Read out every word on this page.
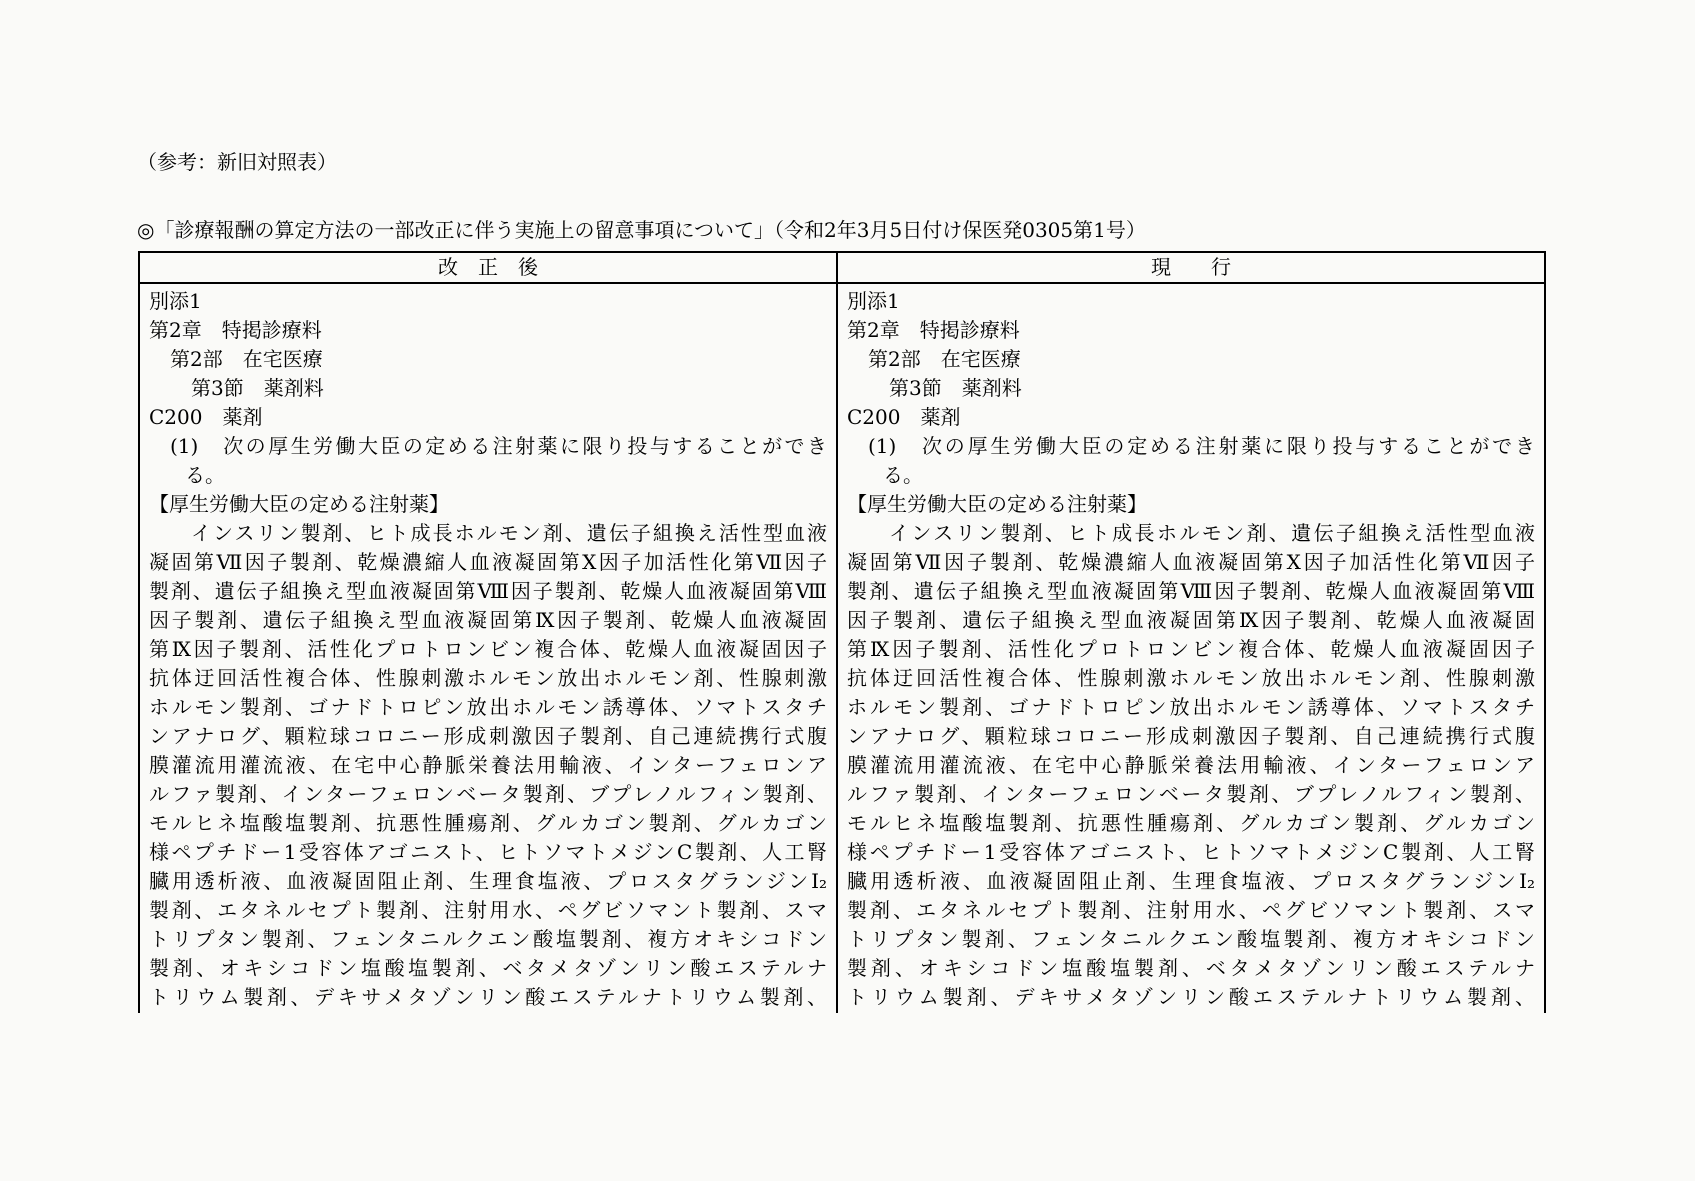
（参考：新旧対照表）
◎「診療報酬の算定方法の一部改正に伴う実施上の留意事項について」（令和2年3月5日付け保医発0305第1号）
改　正　後	現　　行
別添1
第2章　特掲診療料
第2部　在宅医療
第3節　薬剤料
C200　薬剤
(1)　次の厚生労働大臣の定める注射薬に限り投与することができ
る。
【厚生労働大臣の定める注射薬】
インスリン製剤、ヒト成長ホルモン剤、遺伝子組換え活性型血液
凝固第Ⅶ因子製剤、乾燥濃縮人血液凝固第Ⅹ因子加活性化第Ⅶ因子
製剤、遺伝子組換え型血液凝固第Ⅷ因子製剤、乾燥人血液凝固第Ⅷ
因子製剤、遺伝子組換え型血液凝固第Ⅸ因子製剤、乾燥人血液凝固
第Ⅸ因子製剤、活性化プロトロンビン複合体、乾燥人血液凝固因子
抗体迂回活性複合体、性腺刺激ホルモン放出ホルモン剤、性腺刺激
ホルモン製剤、ゴナドトロピン放出ホルモン誘導体、ソマトスタチ
ンアナログ、顆粒球コロニー形成刺激因子製剤、自己連続携行式腹
膜灌流用灌流液、在宅中心静脈栄養法用輸液、インターフェロンア
ルファ製剤、インターフェロンベータ製剤、ブプレノルフィン製剤、
モルヒネ塩酸塩製剤、抗悪性腫瘍剤、グルカゴン製剤、グルカゴン
様ペプチドー1受容体アゴニスト、ヒトソマトメジンC製剤、人工腎
臓用透析液、血液凝固阻止剤、生理食塩液、プロスタグランジンI₂
製剤、エタネルセプト製剤、注射用水、ペグビソマント製剤、スマ
トリプタン製剤、フェンタニルクエン酸塩製剤、複方オキシコドン
製剤、オキシコドン塩酸塩製剤、ベタメタゾンリン酸エステルナ
トリウム製剤、デキサメタゾンリン酸エステルナトリウム製剤、
別添1
第2章　特掲診療料
第2部　在宅医療
第3節　薬剤料
C200　薬剤
(1)　次の厚生労働大臣の定める注射薬に限り投与することができ
る。
【厚生労働大臣の定める注射薬】
インスリン製剤、ヒト成長ホルモン剤、遺伝子組換え活性型血液
凝固第Ⅶ因子製剤、乾燥濃縮人血液凝固第Ⅹ因子加活性化第Ⅶ因子
製剤、遺伝子組換え型血液凝固第Ⅷ因子製剤、乾燥人血液凝固第Ⅷ
因子製剤、遺伝子組換え型血液凝固第Ⅸ因子製剤、乾燥人血液凝固
第Ⅸ因子製剤、活性化プロトロンビン複合体、乾燥人血液凝固因子
抗体迂回活性複合体、性腺刺激ホルモン放出ホルモン剤、性腺刺激
ホルモン製剤、ゴナドトロピン放出ホルモン誘導体、ソマトスタチ
ンアナログ、顆粒球コロニー形成刺激因子製剤、自己連続携行式腹
膜灌流用灌流液、在宅中心静脈栄養法用輸液、インターフェロンア
ルファ製剤、インターフェロンベータ製剤、ブプレノルフィン製剤、
モルヒネ塩酸塩製剤、抗悪性腫瘍剤、グルカゴン製剤、グルカゴン
様ペプチドー1受容体アゴニスト、ヒトソマトメジンC製剤、人工腎
臓用透析液、血液凝固阻止剤、生理食塩液、プロスタグランジンI₂
製剤、エタネルセプト製剤、注射用水、ペグビソマント製剤、スマ
トリプタン製剤、フェンタニルクエン酸塩製剤、複方オキシコドン
製剤、オキシコドン塩酸塩製剤、ベタメタゾンリン酸エステルナ
トリウム製剤、デキサメタゾンリン酸エステルナトリウム製剤、
